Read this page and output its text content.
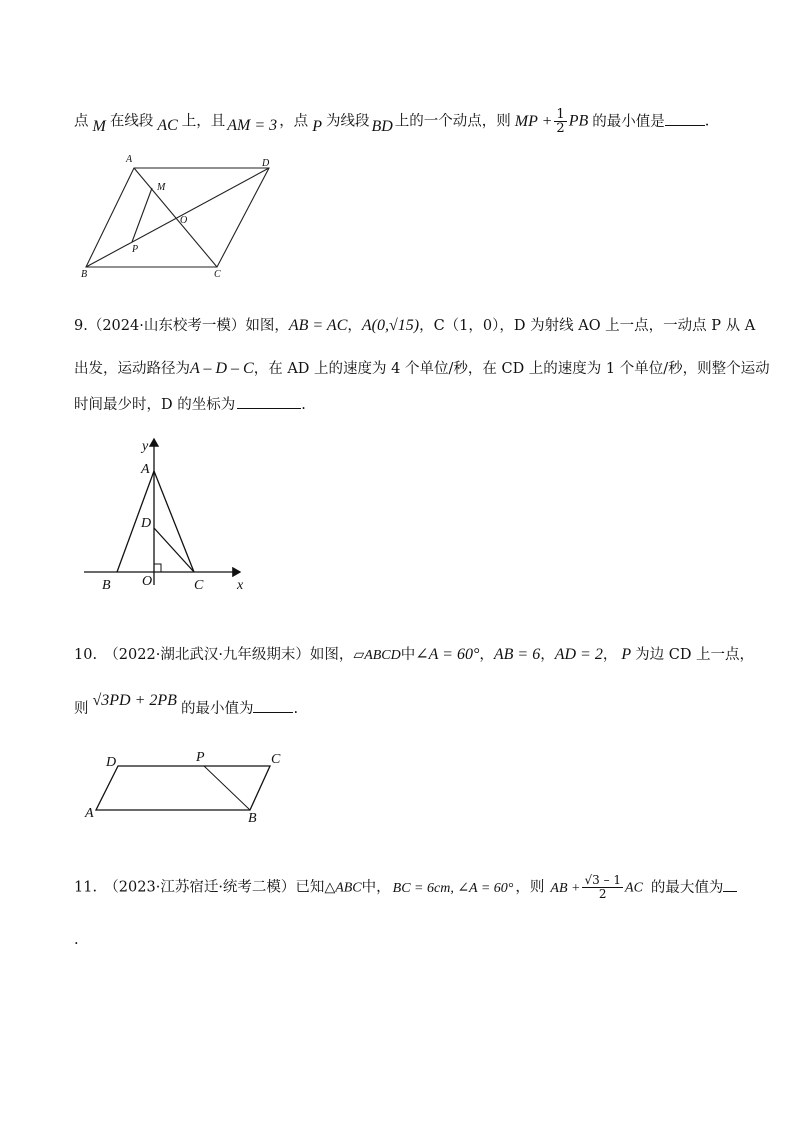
点 M 在线段 AC 上，且 AM = 3 ，点 P 为线段 BD 上的一个动点，则 MP + $\frac{1}{2}$ PB 的最小值是	.
A	D
M
O
P
B	C
9.（2024·山东校考一模）如图，AB = AC，A(0,√15)，C（1，0），D 为射线 AO 上一点，一动点 P 从 A
出发，运动路径为A – D – C，在 AD 上的速度为 4 个单位/秒，在 CD 上的速度为 1 个单位/秒，则整个运动
时间最少时，D 的坐标为	.
y
A
D
B O	C x
10.　（2022·湖北武汉·九年级期末）如图，▱ABCD中∠A = 60°，AB = 6，AD = 2， P 为边 CD 上一点，
则 √3PD + 2PB 的最小值为	.
D	P	C
A	B
11.　（2023·江苏宿迁·统考二模）已知△ABC中， BC = 6cm, ∠A = 60° ，则 AB + $\frac{√3 - 1}{2}$ AC 的最大值为
.
